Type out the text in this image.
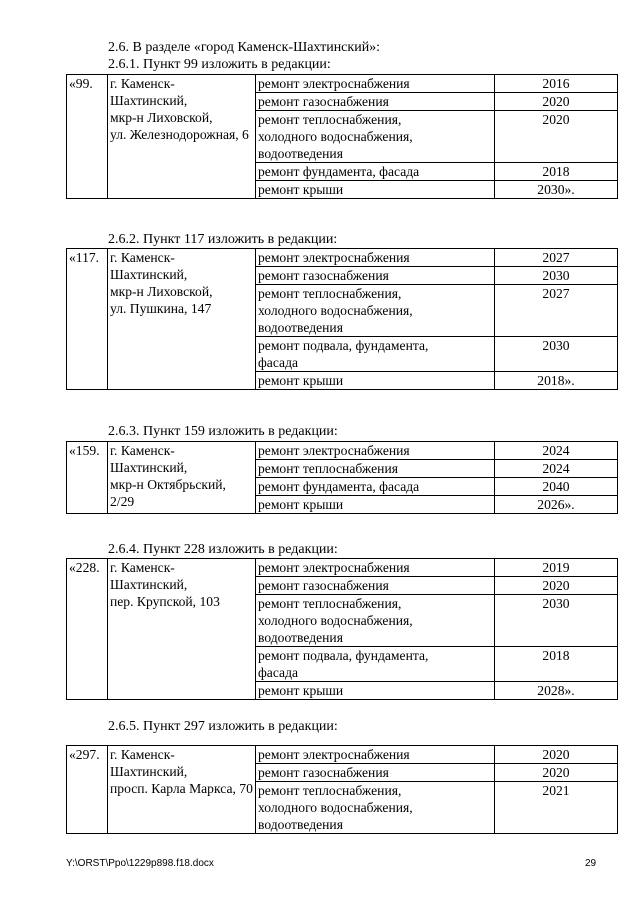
2.6. В разделе «город Каменск-Шахтинский»:
2.6.1. Пункт 99 изложить в редакции:
«99.	г. Каменск-
Шахтинский,
мкр-н Лиховской,
ул. Железнодорожная, 6	ремонт электроснабжения	2016

		ремонт газоснабжения	2020

		ремонт теплоснабжения,
холодного водоснабжения,
водоотведения	2020

		ремонт фундамента, фасада	2018

		ремонт крыши	2030».
2.6.2. Пункт 117 изложить в редакции:
«117.	г. Каменск-
Шахтинский,
мкр-н Лиховской,
ул. Пушкина, 147	ремонт электроснабжения	2027

		ремонт газоснабжения	2030

		ремонт теплоснабжения,
холодного водоснабжения,
водоотведения	2027

		ремонт подвала, фундамента,
фасада	2030

		ремонт крыши	2018».
2.6.3. Пункт 159 изложить в редакции:
«159.	г. Каменск-
Шахтинский,
мкр-н Октябрьский,
2/29	ремонт электроснабжения	2024

		ремонт теплоснабжения	2024

		ремонт фундамента, фасада	2040

		ремонт крыши	2026».
2.6.4. Пункт 228 изложить в редакции:
«228.	г. Каменск-
Шахтинский,
пер. Крупской, 103	ремонт электроснабжения	2019

		ремонт газоснабжения	2020

		ремонт теплоснабжения,
холодного водоснабжения,
водоотведения	2030

		ремонт подвала, фундамента,
фасада	2018

		ремонт крыши	2028».
2.6.5. Пункт 297 изложить в редакции:
«297.	г. Каменск-
Шахтинский,
просп. Карла Маркса, 70	ремонт электроснабжения	2020

		ремонт газоснабжения	2020

		ремонт теплоснабжения,
холодного водоснабжения,
водоотведения	2021
Y:\ORST\Ppo\1229p898.f18.docx	29
